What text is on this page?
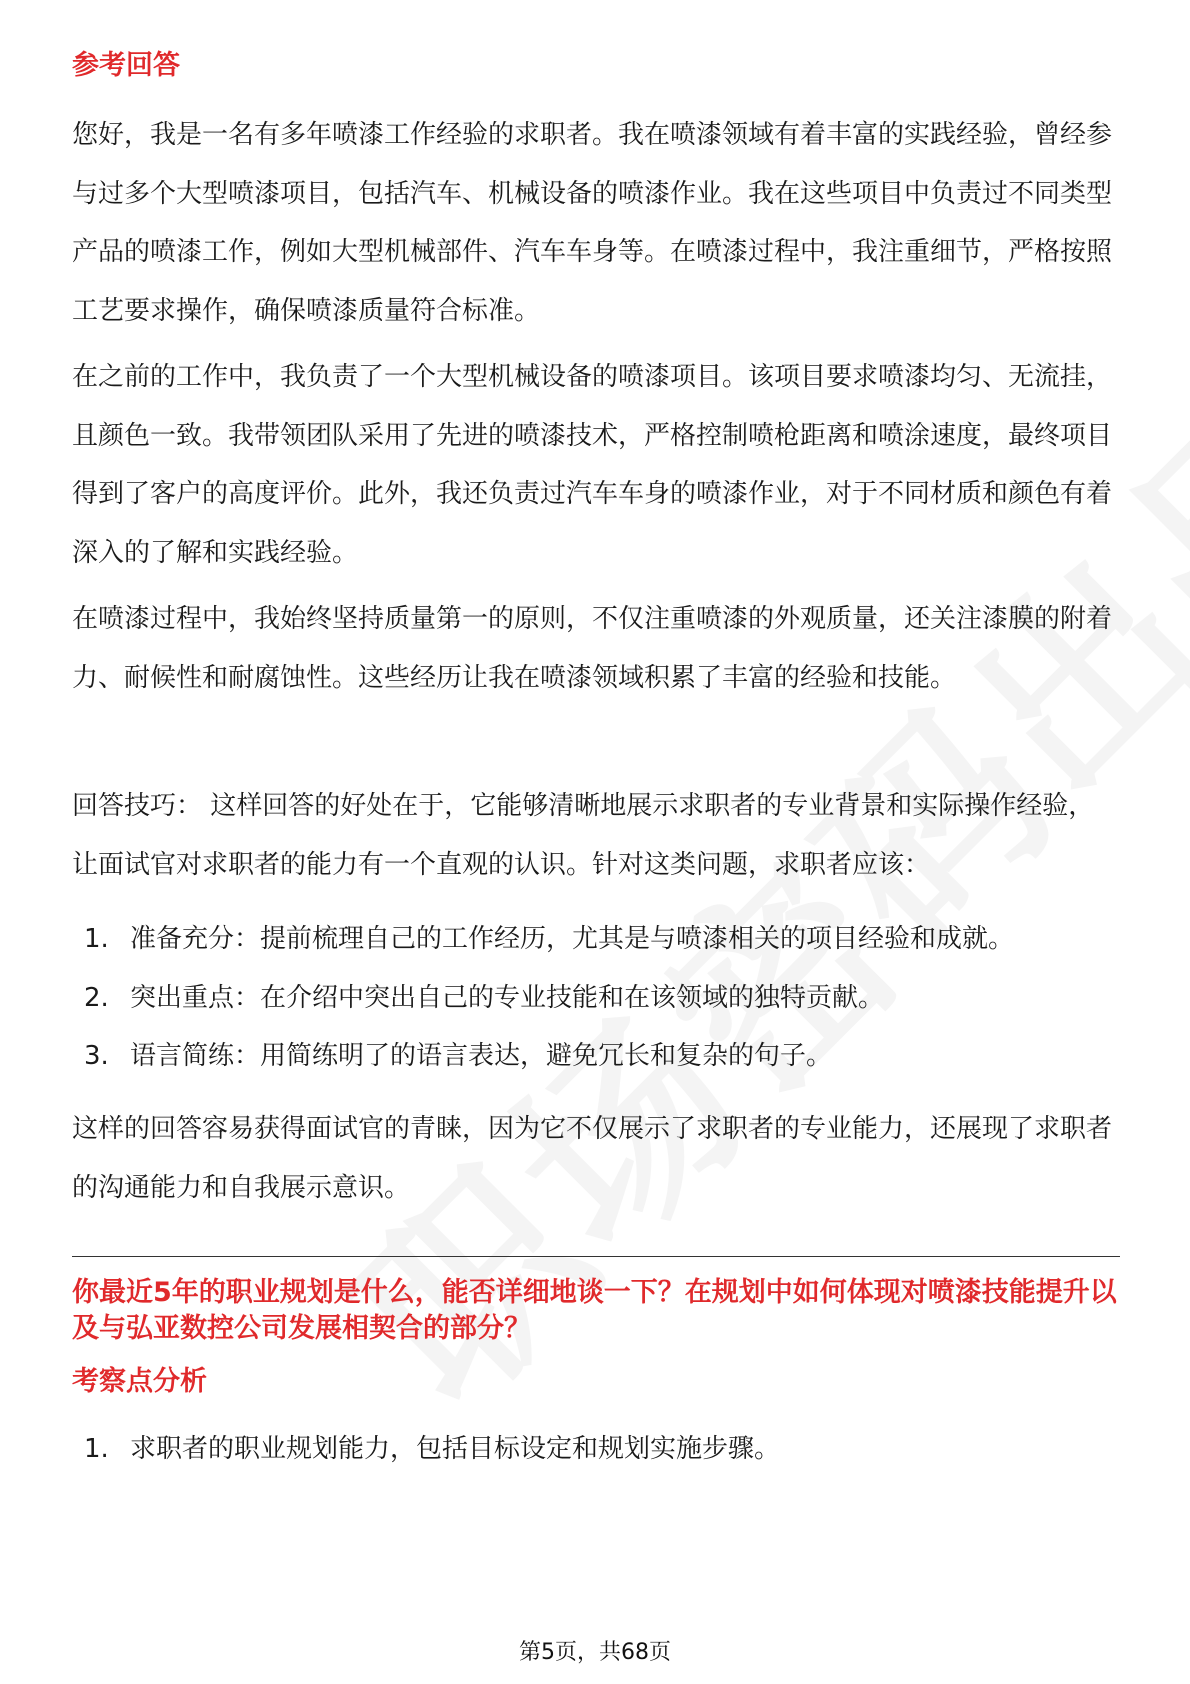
参考回答

您好，我是一名有多年喷漆工作经验的求职者。我在喷漆领域有着丰富的实践经验，曾经参与过多个大型喷漆项目，包括汽车、机械设备的喷漆作业。我在这些项目中负责过不同类型产品的喷漆工作，例如大型机械部件、汽车车身等。在喷漆过程中，我注重细节，严格按照工艺要求操作，确保喷漆质量符合标准。

在之前的工作中，我负责了一个大型机械设备的喷漆项目。该项目要求喷漆均匀、无流挂，且颜色一致。我带领团队采用了先进的喷漆技术，严格控制喷枪距离和喷涂速度，最终项目得到了客户的高度评价。此外，我还负责过汽车车身的喷漆作业，对于不同材质和颜色有着深入的了解和实践经验。

在喷漆过程中，我始终坚持质量第一的原则，不仅注重喷漆的外观质量，还关注漆膜的附着力、耐候性和耐腐蚀性。这些经历让我在喷漆领域积累了丰富的经验和技能。

回答技巧： 这样回答的好处在于，它能够清晰地展示求职者的专业背景和实际操作经验，让面试官对求职者的能力有一个直观的认识。针对这类问题，求职者应该：

1. 准备充分：提前梳理自己的工作经历，尤其是与喷漆相关的项目经验和成就。
2. 突出重点：在介绍中突出自己的专业技能和在该领域的独特贡献。
3. 语言简练：用简练明了的语言表达，避免冗长和复杂的句子。

这样的回答容易获得面试官的青睐，因为它不仅展示了求职者的专业能力，还展现了求职者的沟通能力和自我展示意识。

你最近5年的职业规划是什么，能否详细地谈一下？在规划中如何体现对喷漆技能提升以及与弘亚数控公司发展相契合的部分？
考察点分析
1. 求职者的职业规划能力，包括目标设定和规划实施步骤。
第5页，共68页
